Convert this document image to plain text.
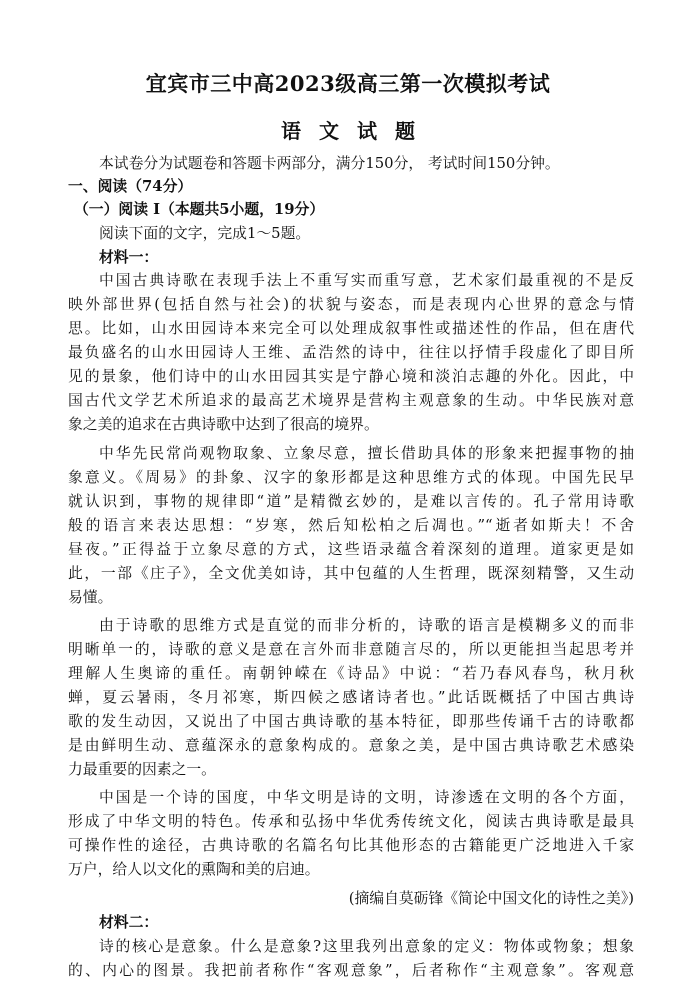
宜宾市三中高2023级高三第一次模拟考试
语文试题
本试卷分为试题卷和答题卡两部分，满分150分， 考试时间150分钟。
一、阅读（74分）
（一）阅读 I（本题共5小题，19分）
阅读下面的文字，完成1～5题。
材料一：
中国古典诗歌在表现手法上不重写实而重写意，艺术家们最重视的不是反
映外部世界(包括自然与社会)的状貌与姿态，而是表现内心世界的意念与情
思。比如，山水田园诗本来完全可以处理成叙事性或描述性的作品，但在唐代
最负盛名的山水田园诗人王维、孟浩然的诗中，往往以抒情手段虚化了即目所
见的景象，他们诗中的山水田园其实是宁静心境和淡泊志趣的外化。因此，中
国古代文学艺术所追求的最高艺术境界是营构主观意象的生动。中华民族对意
象之美的追求在古典诗歌中达到了很高的境界。
中华先民常尚观物取象、立象尽意，擅长借助具体的形象来把握事物的抽
象意义。《周易》的卦象、汉字的象形都是这种思维方式的体现。中国先民早
就认识到，事物的规律即“道”是精微玄妙的，是难以言传的。孔子常用诗歌
般的语言来表达思想：“岁寒，然后知松柏之后凋也。”“逝者如斯夫！不舍
昼夜。”正得益于立象尽意的方式，这些语录蕴含着深刻的道理。道家更是如
此，一部《庄子》，全文优美如诗，其中包蕴的人生哲理，既深刻精警，又生动
易懂。
由于诗歌的思维方式是直觉的而非分析的，诗歌的语言是模糊多义的而非
明晰单一的，诗歌的意义是意在言外而非意随言尽的，所以更能担当起思考并
理解人生奥谛的重任。南朝钟嵘在《诗品》中说：“若乃春风春鸟，秋月秋
蝉，夏云暑雨，冬月祁寒，斯四候之感诸诗者也。”此话既概括了中国古典诗
歌的发生动因，又说出了中国古典诗歌的基本特征，即那些传诵千古的诗歌都
是由鲜明生动、意蕴深永的意象构成的。意象之美，是中国古典诗歌艺术感染
力最重要的因素之一。
中国是一个诗的国度，中华文明是诗的文明，诗渗透在文明的各个方面，
形成了中华文明的特色。传承和弘扬中华优秀传统文化，阅读古典诗歌是最具
可操作性的途径，古典诗歌的名篇名句比其他形态的古籍能更广泛地进入千家
万户，给人以文化的熏陶和美的启迪。
(摘编自莫砺锋《简论中国文化的诗性之美》)
材料二：
诗的核心是意象。什么是意象?这里我列出意象的定义：物体或物象；想象
的、内心的图景。我把前者称作“客观意象”，后者称作“主观意象”。客观意
